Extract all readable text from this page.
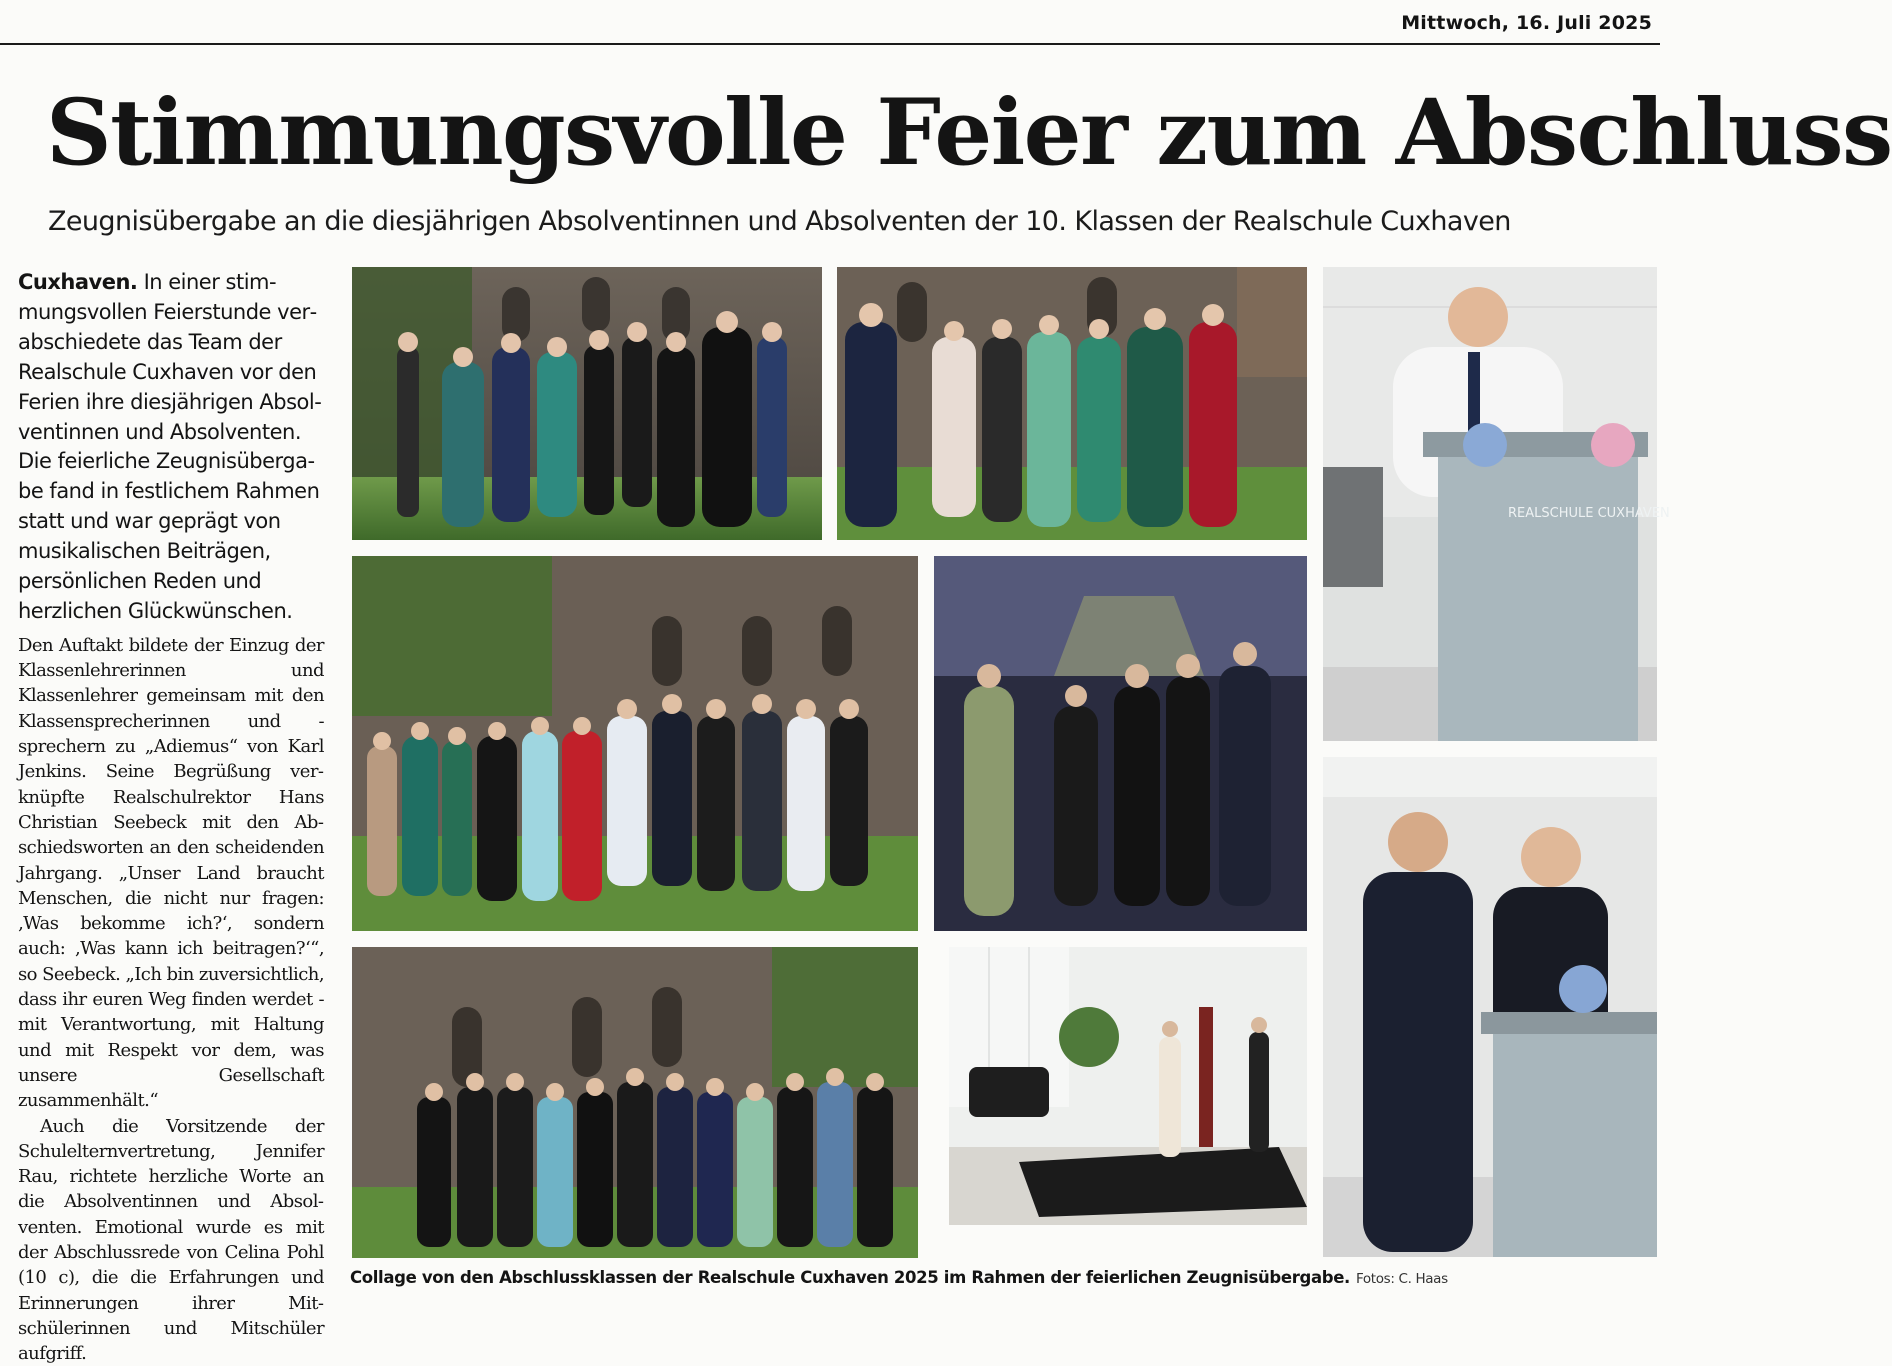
Mittwoch, 16. Juli 2025
Stimmungsvolle Feier zum Abschluss
Zeugnisübergabe an die diesjährigen Absolventinnen und Absolventen der 10. Klassen der Realschule Cuxhaven

Cuxhaven. In einer stimmungsvollen Feierstunde verabschiedete das Team der Realschule Cuxhaven vor den Ferien ihre diesjährigen Absolventinnen und Absolventen. Die feierliche Zeugnisübergabe fand in festlichem Rahmen statt und war geprägt von musikalischen Beiträgen, persönlichen Reden und herzlichen Glückwünschen.

Den Auftakt bildete der Einzug der Klassenlehrerinnen und Klassenlehrer gemeinsam mit den Klassensprecherinnen und -sprechern zu „Adiemus“ von Karl Jenkins. Seine Begrüßung verknüpfte Realschulrektor Hans Christian Seebeck mit den Abschiedsworten an den scheidenden Jahrgang. „Unser Land braucht Menschen, die nicht nur fragen: ‚Was bekomme ich?‘, sondern auch: ‚Was kann ich beitragen?‘“, so Seebeck. „Ich bin zuversichtlich, dass ihr euren Weg finden werdet - mit Verantwortung, mit Haltung und mit Respekt vor dem, was unsere Gesellschaft zusammenhält.“

Auch die Vorsitzende der Schulelternvertretung, Jennifer Rau, richtete herzliche Worte an die Absolventinnen und Absolventen. Emotional wurde es mit der Abschlussrede von Celina Pohl (10 c), die die Erfahrungen und Erinnerungen ihrer Mitschülerinnen und Mitschüler aufgriff.

REALSCHULE CUXHAVEN
Collage von den Abschlussklassen der Realschule Cuxhaven 2025 im Rahmen der feierlichen Zeugnisübergabe. Fotos: C. Haas
